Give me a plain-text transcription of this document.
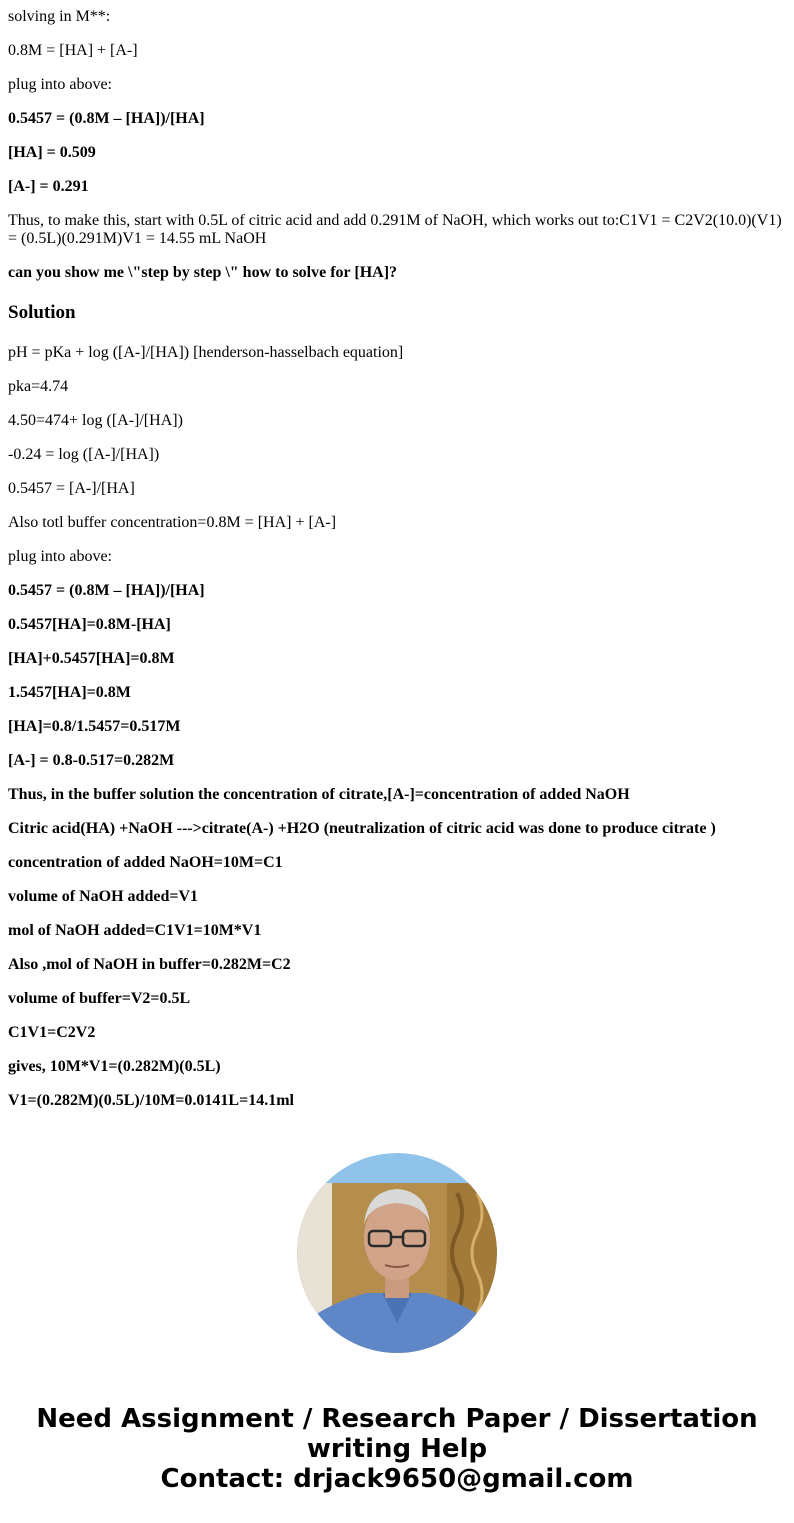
solving in M**:

0.8M = [HA] + [A-]

plug into above:

0.5457 = (0.8M – [HA])/[HA]

[HA] = 0.509

[A-] = 0.291

Thus, to make this, start with 0.5L of citric acid and add 0.291M of NaOH, which works out to:C1V1 = C2V2(10.0)(V1) = (0.5L)(0.291M)V1 = 14.55 mL NaOH

can you show me \"step by step \" how to solve for [HA]?

Solution

pH = pKa + log ([A-]/[HA]) [henderson-hasselbach equation]

pka=4.74

4.50=474+ log ([A-]/[HA])

-0.24 = log ([A-]/[HA])

0.5457 = [A-]/[HA]

Also totl buffer concentration=0.8M = [HA] + [A-]

plug into above:

0.5457 = (0.8M – [HA])/[HA]

0.5457[HA]=0.8M-[HA]

[HA]+0.5457[HA]=0.8M

1.5457[HA]=0.8M

[HA]=0.8/1.5457=0.517M

[A-] = 0.8-0.517=0.282M

Thus, in the buffer solution the concentration of citrate,[A-]=concentration of added NaOH

Citric acid(HA) +NaOH --->citrate(A-) +H2O (neutralization of citric acid was done to produce citrate )

concentration of added NaOH=10M=C1

volume of NaOH added=V1

mol of NaOH added=C1V1=10M*V1

Also ,mol of NaOH in buffer=0.282M=C2

volume of buffer=V2=0.5L

C1V1=C2V2

gives, 10M*V1=(0.282M)(0.5L)

V1=(0.282M)(0.5L)/10M=0.0141L=14.1ml

Need Assignment / Research Paper / Dissertation
writing Help
Contact: drjack9650@gmail.com
